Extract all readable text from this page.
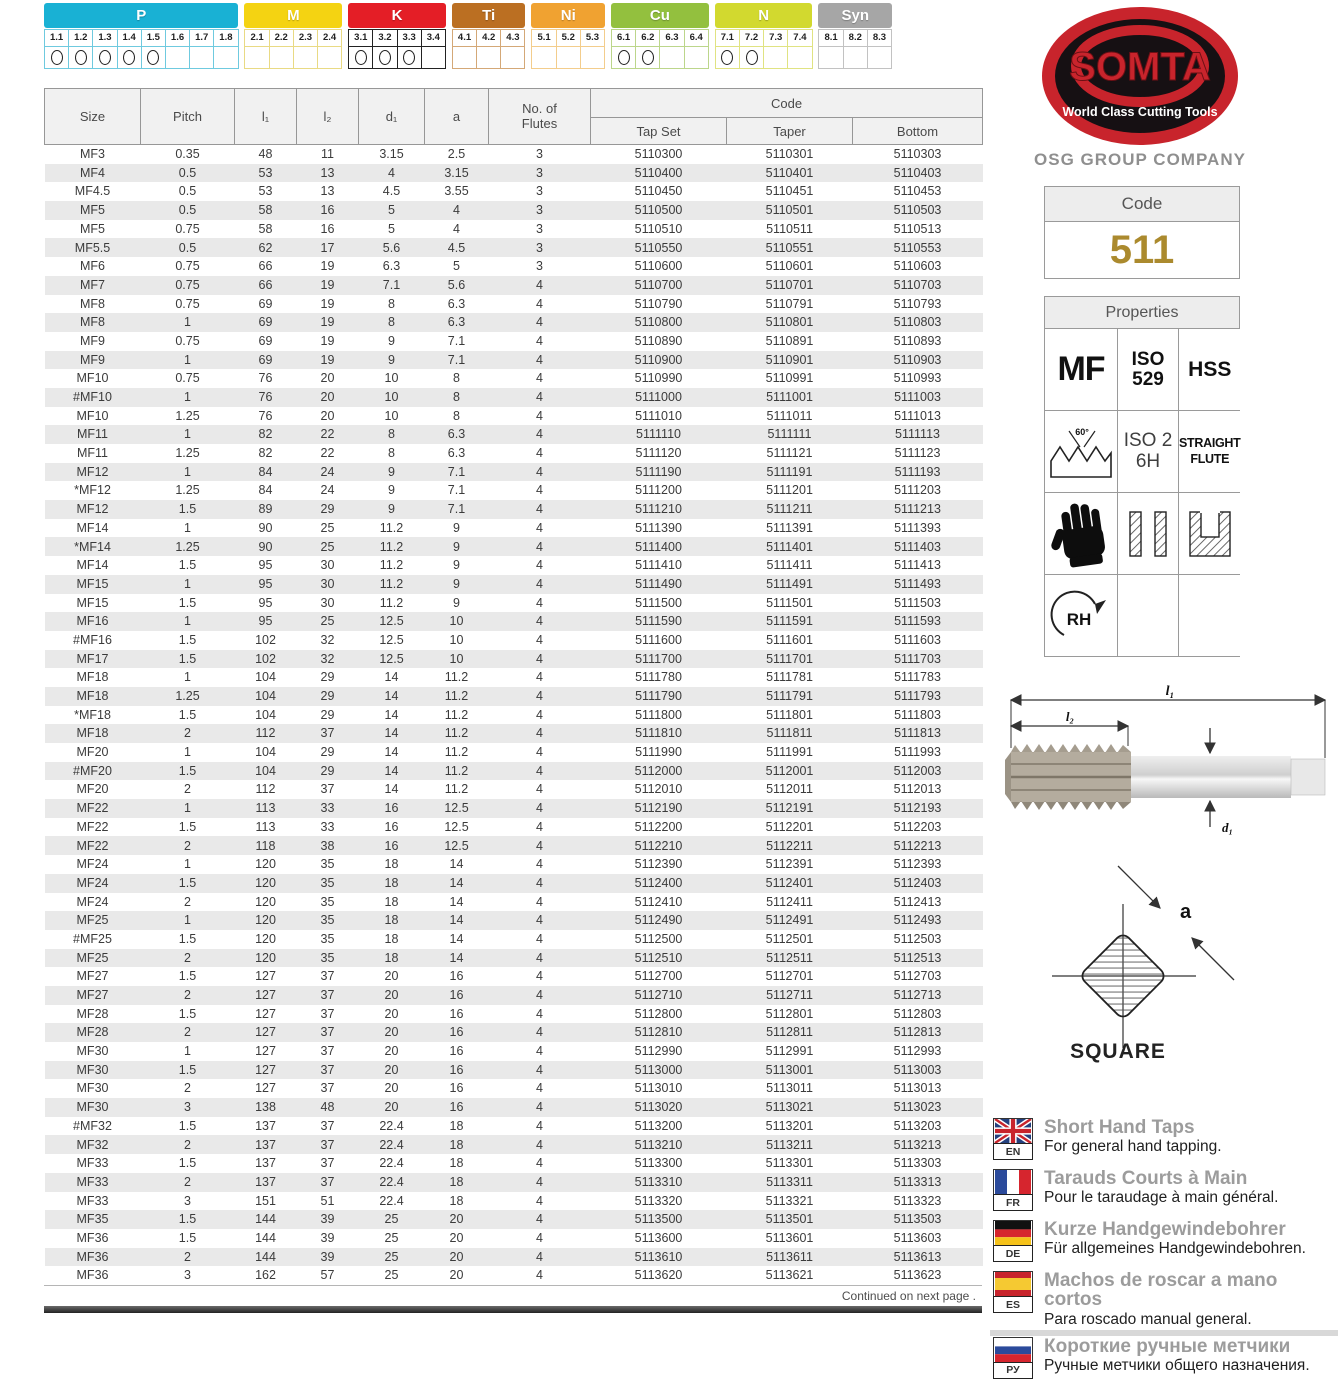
P
1.1	1.2	1.3	1.4	1.5	1.6	1.7	1.8
M
2.1	2.2	2.3	2.4
K
3.1	3.2	3.3	3.4
Ti
4.1	4.2	4.3
Ni
5.1	5.2	5.3
Cu
6.1	6.2	6.3	6.4
N
7.1	7.2	7.3	7.4
Syn
8.1	8.2	8.3
Size	Pitch	l₁	l₂	d₁	a	No. of
Flutes	Code		
							Tap Set	Taper	Bottom
MF3	0.35	48	11	3.15	2.5	3	5110300	5110301	5110303
MF4	0.5	53	13	4	3.15	3	5110400	5110401	5110403
MF4.5	0.5	53	13	4.5	3.55	3	5110450	5110451	5110453
MF5	0.5	58	16	5	4	3	5110500	5110501	5110503
MF5	0.75	58	16	5	4	3	5110510	5110511	5110513
MF5.5	0.5	62	17	5.6	4.5	3	5110550	5110551	5110553
MF6	0.75	66	19	6.3	5	3	5110600	5110601	5110603
MF7	0.75	66	19	7.1	5.6	4	5110700	5110701	5110703
MF8	0.75	69	19	8	6.3	4	5110790	5110791	5110793
MF8	1	69	19	8	6.3	4	5110800	5110801	5110803
MF9	0.75	69	19	9	7.1	4	5110890	5110891	5110893
MF9	1	69	19	9	7.1	4	5110900	5110901	5110903
MF10	0.75	76	20	10	8	4	5110990	5110991	5110993
#MF10	1	76	20	10	8	4	5111000	5111001	5111003
MF10	1.25	76	20	10	8	4	5111010	5111011	5111013
MF11	1	82	22	8	6.3	4	5111110	5111111	5111113
MF11	1.25	82	22	8	6.3	4	5111120	5111121	5111123
MF12	1	84	24	9	7.1	4	5111190	5111191	5111193
*MF12	1.25	84	24	9	7.1	4	5111200	5111201	5111203
MF12	1.5	89	29	9	7.1	4	5111210	5111211	5111213
MF14	1	90	25	11.2	9	4	5111390	5111391	5111393
*MF14	1.25	90	25	11.2	9	4	5111400	5111401	5111403
MF14	1.5	95	30	11.2	9	4	5111410	5111411	5111413
MF15	1	95	30	11.2	9	4	5111490	5111491	5111493
MF15	1.5	95	30	11.2	9	4	5111500	5111501	5111503
MF16	1	95	25	12.5	10	4	5111590	5111591	5111593
#MF16	1.5	102	32	12.5	10	4	5111600	5111601	5111603
MF17	1.5	102	32	12.5	10	4	5111700	5111701	5111703
MF18	1	104	29	14	11.2	4	5111780	5111781	5111783
MF18	1.25	104	29	14	11.2	4	5111790	5111791	5111793
*MF18	1.5	104	29	14	11.2	4	5111800	5111801	5111803
MF18	2	112	37	14	11.2	4	5111810	5111811	5111813
MF20	1	104	29	14	11.2	4	5111990	5111991	5111993
#MF20	1.5	104	29	14	11.2	4	5112000	5112001	5112003
MF20	2	112	37	14	11.2	4	5112010	5112011	5112013
MF22	1	113	33	16	12.5	4	5112190	5112191	5112193
MF22	1.5	113	33	16	12.5	4	5112200	5112201	5112203
MF22	2	118	38	16	12.5	4	5112210	5112211	5112213
MF24	1	120	35	18	14	4	5112390	5112391	5112393
MF24	1.5	120	35	18	14	4	5112400	5112401	5112403
MF24	2	120	35	18	14	4	5112410	5112411	5112413
MF25	1	120	35	18	14	4	5112490	5112491	5112493
#MF25	1.5	120	35	18	14	4	5112500	5112501	5112503
MF25	2	120	35	18	14	4	5112510	5112511	5112513
MF27	1.5	127	37	20	16	4	5112700	5112701	5112703
MF27	2	127	37	20	16	4	5112710	5112711	5112713
MF28	1.5	127	37	20	16	4	5112800	5112801	5112803
MF28	2	127	37	20	16	4	5112810	5112811	5112813
MF30	1	127	37	20	16	4	5112990	5112991	5112993
MF30	1.5	127	37	20	16	4	5113000	5113001	5113003
MF30	2	127	37	20	16	4	5113010	5113011	5113013
MF30	3	138	48	20	16	4	5113020	5113021	5113023
#MF32	1.5	137	37	22.4	18	4	5113200	5113201	5113203
MF32	2	137	37	22.4	18	4	5113210	5113211	5113213
MF33	1.5	137	37	22.4	18	4	5113300	5113301	5113303
MF33	2	137	37	22.4	18	4	5113310	5113311	5113313
MF33	3	151	51	22.4	18	4	5113320	5113321	5113323
MF35	1.5	144	39	25	20	4	5113500	5113501	5113503
MF36	1.5	144	39	25	20	4	5113600	5113601	5113603
MF36	2	144	39	25	20	4	5113610	5113611	5113613
MF36	3	162	57	25	20	4	5113620	5113621	5113623
Continued on next page .
SOMTA
World Class Cutting Tools
OSG GROUP COMPANY
Code
511
Properties
MF	ISO
529	HSS
60°	ISO 2
6H
STRAIGHT
FLUTE
RH
l₁
l₂
d₁
a
SQUARE
EN
Short Hand Taps
For general hand tapping.
FR
Tarauds Courts à Main
Pour le taraudage à main général.
DE
Kurze Handgewindebohrer
Für allgemeines Handgewindebohren.
ES
Machos de roscar a mano cortos
Para roscado manual general.
РУ
Короткие ручные метчики
Ручные метчики общего назначения.
